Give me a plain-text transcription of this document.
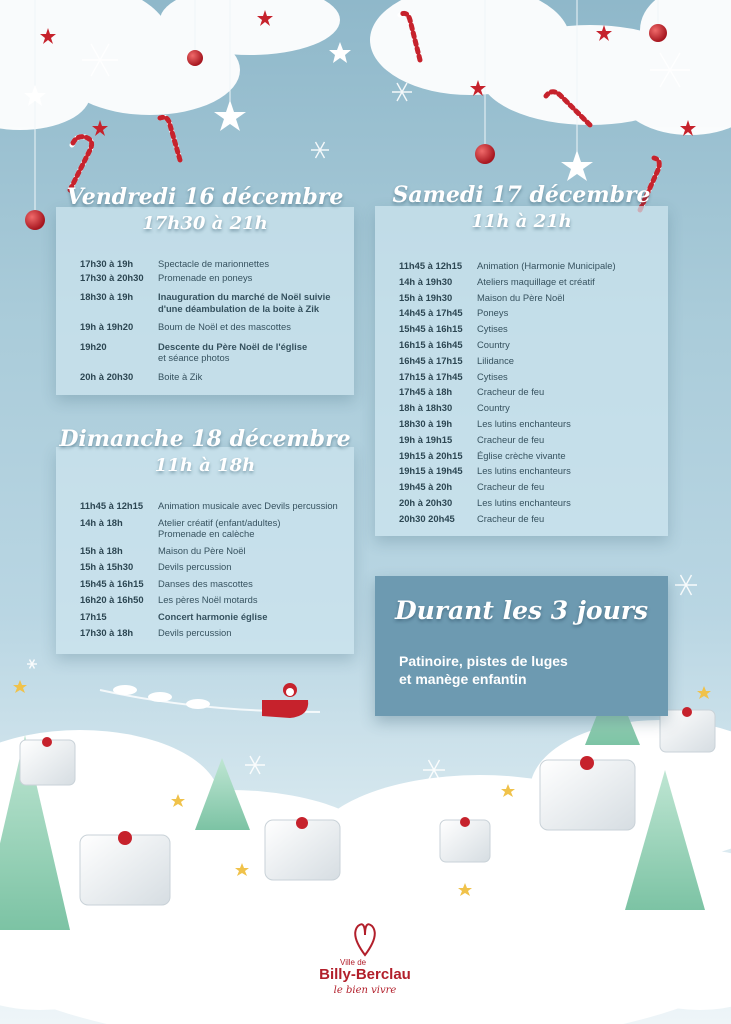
Vendredi 16 décembre
17h30 à 21h
17h30 à 19h	Spectacle de marionnettes
17h30 à 20h30	Promenade en poneys
18h30 à 19h	Inauguration du marché de Noël suivie
d'une déambulation de la boite à Zik
19h à 19h20	Boum de Noël et des mascottes
19h20	Descente du Père Noël de l'église
et séance photos
20h à 20h30	Boite à Zik
Samedi 17 décembre
11h à 21h
11h45 à 12h15	Animation (Harmonie Municipale)
14h à 19h30	Ateliers maquillage et créatif
15h à 19h30	Maison du Père Noël
14h45 à 17h45	Poneys
15h45 à 16h15	Cytises
16h15 à 16h45	Country
16h45 à 17h15	Lilidance
17h15 à 17h45	Cytises
17h45 à 18h	Cracheur de feu
18h à 18h30	Country
18h30 à 19h	Les lutins enchanteurs
19h à 19h15	Cracheur de feu
19h15 à 20h15	Église crèche vivante
19h15 à 19h45	Les lutins enchanteurs
19h45 à 20h	Cracheur de feu
20h à 20h30	Les lutins enchanteurs
20h30 20h45	Cracheur de feu
Dimanche 18 décembre
11h à 18h
11h45 à 12h15	Animation musicale avec Devils percussion
14h à 18h	Atelier créatif (enfant/adultes)
Promenade en calèche
15h à 18h	Maison du Père Noël
15h à 15h30	Devils percussion
15h45 à 16h15	Danses des mascottes
16h20 à 16h50	Les pères Noël motards
17h15	Concert harmonie église
17h30 à 18h	Devils percussion
Durant les 3 jours
Patinoire, pistes de luges
et manège enfantin
Ville de
Billy-Berclau
le bien vivre
